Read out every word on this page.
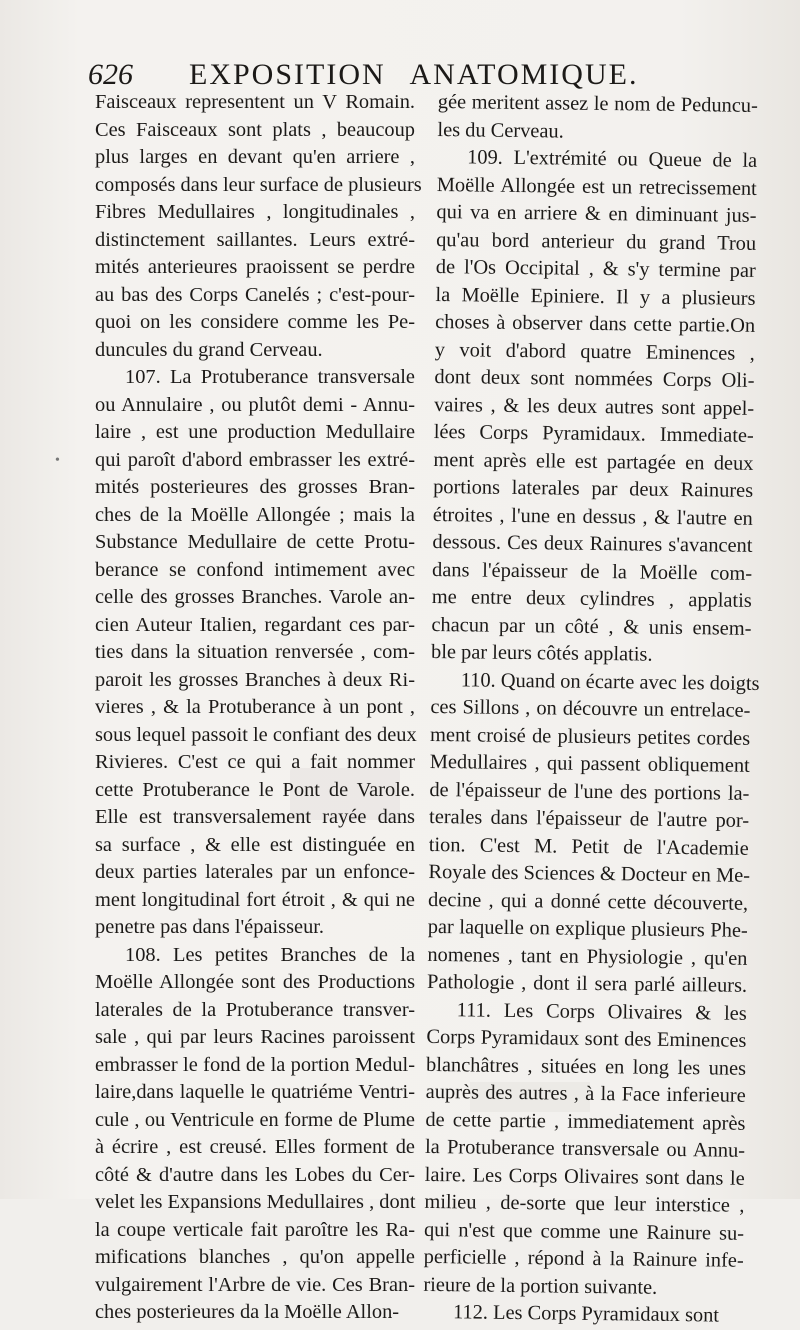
626 EXPOSITION ANATOMIQUE.
•
Faisceaux representent un V Romain.
Ces Faisceaux sont plats , beaucoup
plus larges en devant qu'en arriere ,
composés dans leur surface de plusieurs
Fibres Medullaires , longitudinales ,
distinctement saillantes. Leurs extré-
mités anterieures praoissent se perdre
au bas des Corps Canelés ; c'est-pour-
quoi on les considere comme les Pe-
duncules du grand Cerveau.
107. La Protuberance transversale
ou Annulaire , ou plutôt demi - Annu-
laire , est une production Medullaire
qui paroît d'abord embrasser les extré-
mités posterieures des grosses Bran-
ches de la Moëlle Allongée ; mais la
Substance Medullaire de cette Protu-
berance se confond intimement avec
celle des grosses Branches. Varole an-
cien Auteur Italien, regardant ces par-
ties dans la situation renversée , com-
paroit les grosses Branches à deux Ri-
vieres , & la Protuberance à un pont ,
sous lequel passoit le confiant des deux
Rivieres. C'est ce qui a fait nommer
cette Protuberance le Pont de Varole.
Elle est transversalement rayée dans
sa surface , & elle est distinguée en
deux parties laterales par un enfonce-
ment longitudinal fort étroit , & qui ne
penetre pas dans l'épaisseur.
108. Les petites Branches de la
Moëlle Allongée sont des Productions
laterales de la Protuberance transver-
sale , qui par leurs Racines paroissent
embrasser le fond de la portion Medul-
laire,dans laquelle le quatriéme Ventri-
cule , ou Ventricule en forme de Plume
à écrire , est creusé. Elles forment de
côté & d'autre dans les Lobes du Cer-
velet les Expansions Medullaires , dont
la coupe verticale fait paroître les Ra-
mifications blanches , qu'on appelle
vulgairement l'Arbre de vie. Ces Bran-
ches posterieures da la Moëlle Allon-
gée meritent assez le nom de Peduncu-
les du Cerveau.
109. L'extrémité ou Queue de la
Moëlle Allongée est un retrecissement
qui va en arriere & en diminuant jus-
qu'au bord anterieur du grand Trou
de l'Os Occipital , & s'y termine par
la Moëlle Epiniere. Il y a plusieurs
choses à observer dans cette partie.On
y voit d'abord quatre Eminences ,
dont deux sont nommées Corps Oli-
vaires , & les deux autres sont appel-
lées Corps Pyramidaux. Immediate-
ment après elle est partagée en deux
portions laterales par deux Rainures
étroites , l'une en dessus , & l'autre en
dessous. Ces deux Rainures s'avancent
dans l'épaisseur de la Moëlle com-
me entre deux cylindres , applatis
chacun par un côté , & unis ensem-
ble par leurs côtés applatis.
110. Quand on écarte avec les doigts
ces Sillons , on découvre un entrelace-
ment croisé de plusieurs petites cordes
Medullaires , qui passent obliquement
de l'épaisseur de l'une des portions la-
terales dans l'épaisseur de l'autre por-
tion. C'est M. Petit de l'Academie
Royale des Sciences & Docteur en Me-
decine , qui a donné cette découverte,
par laquelle on explique plusieurs Phe-
nomenes , tant en Physiologie , qu'en
Pathologie , dont il sera parlé ailleurs.
111. Les Corps Olivaires & les
Corps Pyramidaux sont des Eminences
blanchâtres , situées en long les unes
auprès des autres , à la Face inferieure
de cette partie , immediatement après
la Protuberance transversale ou Annu-
laire. Les Corps Olivaires sont dans le
milieu , de-sorte que leur interstice ,
qui n'est que comme une Rainure su-
perficielle , répond à la Rainure infe-
rieure de la portion suivante.
112. Les Corps Pyramidaux sont
